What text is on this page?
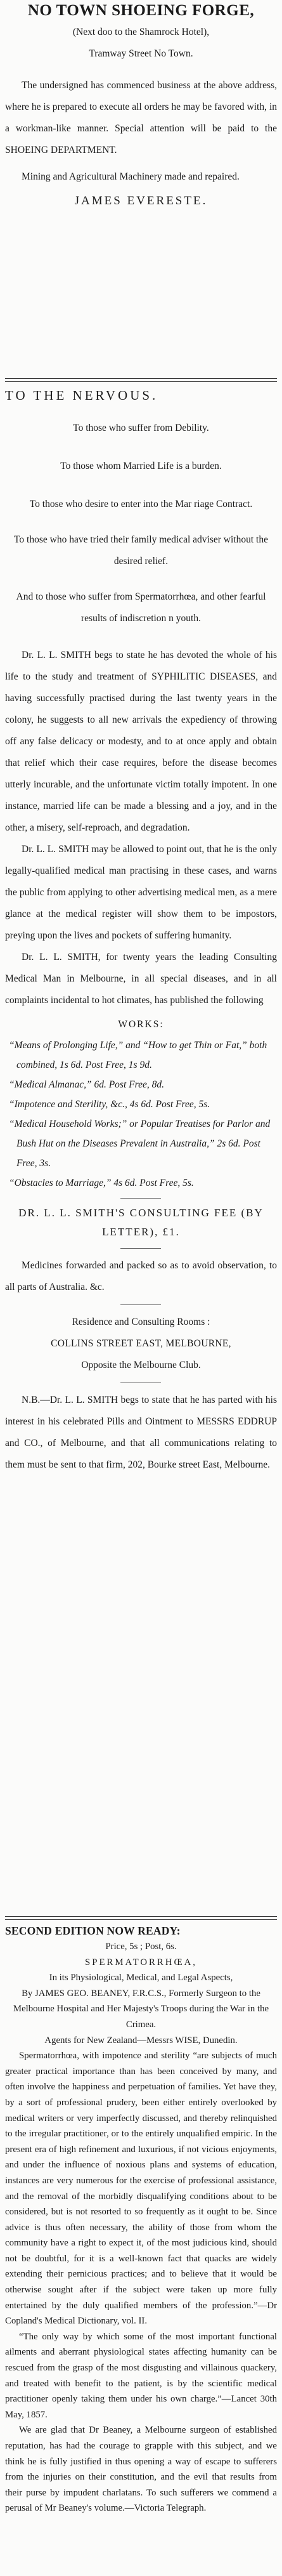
NO TOWN SHOEING FORGE,

(Next doo to the Shamrock Hotel),

Tramway Street No Town.

The undersigned has commenced business at the above address, where he is prepared to execute all orders he may be favored with, in a workman-like manner. Special attention will be paid to the SHOEING DEPARTMENT.

Mining and Agricultural Machinery made and repaired.

JAMES EVERESTE.

TO THE NERVOUS.

To those who suffer from Debility.

To those whom Married Life is a burden.

To those who desire to enter into the Mar riage Contract.

To those who have tried their family medical adviser without the desired relief.

And to those who suffer from Spermatorrhœa, and other fearful results of indiscretion n youth.

Dr. L. L. SMITH begs to state he has devoted the whole of his life to the study and treatment of SYPHILITIC DISEASES, and having successfully practised during the last twenty years in the colony, he suggests to all new arrivals the expediency of throwing off any false delicacy or modesty, and to at once apply and obtain that relief which their case requires, before the disease becomes utterly incurable, and the unfortunate victim totally impotent. In one instance, married life can be made a blessing and a joy, and in the other, a misery, self-reproach, and degradation.

Dr. L. L. SMITH may be allowed to point out, that he is the only legally-qualified medical man practising in these cases, and warns the public from applying to other advertising medical men, as a mere glance at the medical register will show them to be impostors, preying upon the lives and pockets of suffering humanity.

Dr. L. L. SMITH, for twenty years the leading Consulting Medical Man in Melbourne, in all special diseases, and in all complaints incidental to hot climates, has published the following

WORKS:

“Means of Prolonging Life,” and “How to get Thin or Fat,” both combined, 1s 6d. Post Free, 1s 9d.

“Medical Almanac,” 6d. Post Free, 8d.

“Impotence and Sterility, &c., 4s 6d. Post Free, 5s.

“Medical Household Works;” or Popular Treatises for Parlor and Bush Hut on the Diseases Prevalent in Australia,” 2s 6d. Post Free, 3s.

“Obstacles to Marriage,” 4s 6d. Post Free, 5s.

DR. L. L. SMITH'S CONSULTING FEE (BY LETTER), £1.

Medicines forwarded and packed so as to avoid observation, to all parts of Australia. &c.

Residence and Consulting Rooms :

COLLINS STREET EAST, MELBOURNE,

Opposite the Melbourne Club.

N.B.—Dr. L. L. SMITH begs to state that he has parted with his interest in his celebrated Pills and Ointment to MESSRS EDDRUP and CO., of Melbourne, and that all communications relating to them must be sent to that firm, 202, Bourke street East, Melbourne.

SECOND EDITION NOW READY:

Price, 5s ; Post, 6s.

SPERMATORRHŒA,

In its Physiological, Medical, and Legal Aspects,

By JAMES GEO. BEANEY, F.R.C.S., Formerly Surgeon to the Melbourne Hospital and Her Majesty's Troops during the War in the Crimea.

Agents for New Zealand—Messrs WISE, Dunedin.

Spermatorrhœa, with impotence and sterility “are subjects of much greater practical importance than has been conceived by many, and often involve the happiness and perpetuation of families. Yet have they, by a sort of professional prudery, been either entirely overlooked by medical writers or very imperfectly discussed, and thereby relinquished to the irregular practitioner, or to the entirely unqualified empiric. In the present era of high refinement and luxurious, if not vicious enjoyments, and under the influence of noxious plans and systems of education, instances are very numerous for the exercise of professional assistance, and the removal of the morbidly disqualifying conditions about to be considered, but is not resorted to so frequently as it ought to be. Since advice is thus often necessary, the ability of those from whom the community have a right to expect it, of the most judicious kind, should not be doubtful, for it is a well-known fact that quacks are widely extending their pernicious practices; and to believe that it would be otherwise sought after if the subject were taken up more fully entertained by the duly qualified members of the profession.”—Dr Copland's Medical Dictionary, vol. II.

“The only way by which some of the most important functional ailments and aberrant physiological states affecting humanity can be rescued from the grasp of the most disgusting and villainous quackery, and treated with benefit to the patient, is by the scientific medical practitioner openly taking them under his own charge.”—Lancet 30th May, 1857.

We are glad that Dr Beaney, a Melbourne surgeon of established reputation, has had the courage to grapple with this subject, and we think he is fully justified in thus opening a way of escape to sufferers from the injuries on their constitution, and the evil that results from their purse by impudent charlatans. To such sufferers we commend a perusal of Mr Beaney's volume.—Victoria Telegraph.
